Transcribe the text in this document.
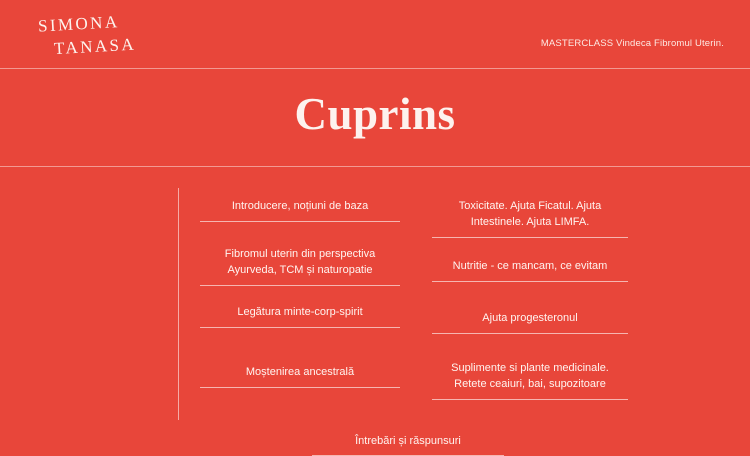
SIMONA
TANASA	MASTERCLASS Vindeca Fibromul Uterin.
Cuprins
Introducere, noțiuni de baza
Fibromul uterin din perspectiva Ayurveda, TCM și naturopatie
Legătura minte-corp-spirit
Moștenirea ancestrală
Toxicitate. Ajuta Ficatul. Ajuta Intestinele. Ajuta LIMFA.
Nutritie - ce mancam, ce evitam
Ajuta progesteronul
Suplimente si plante medicinale. Retete ceaiuri, bai, supozitoare
Întrebări și răspunsuri
